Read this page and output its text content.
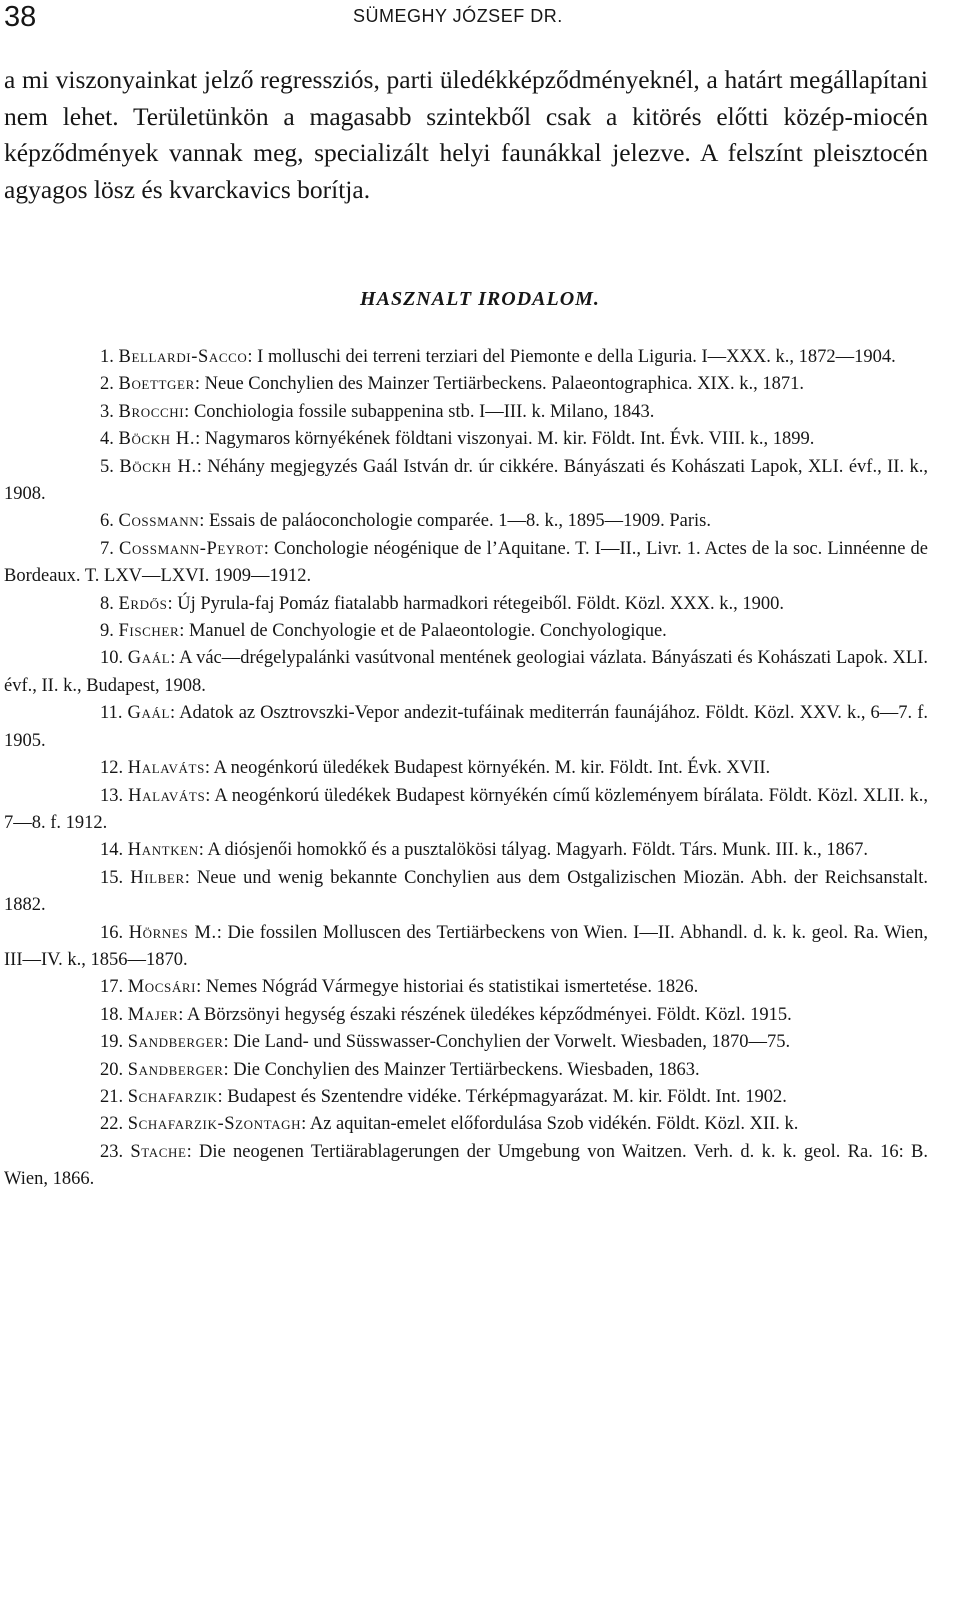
38	SÜMEGHY JÓZSEF DR.

a mi viszonyainkat jelző regressziós, parti üledékképződményeknél, a határt megállapítani nem lehet. Területünkön a magasabb szintekből csak a kitörés előtti közép-miocén képződmények vannak meg, specializált helyi faunákkal jelezve. A felszínt pleisztocén agyagos lösz és kvarckavics borítja.

HASZNALT IRODALOM.
1. Bellardi-Sacco: I molluschi dei terreni terziari del Piemonte e della Liguria. I—XXX. k., 1872—1904.
2. Boettger: Neue Conchylien des Mainzer Tertiärbeckens. Palaeontographica. XIX. k., 1871.
3. Brocchi: Conchiologia fossile subappenina stb. I—III. k. Milano, 1843.
4. Böckh H.: Nagymaros környékének földtani viszonyai. M. kir. Földt. Int. Évk. VIII. k., 1899.
5. Böckh H.: Néhány megjegyzés Gaál István dr. úr cikkére. Bányászati és Kohászati Lapok, XLI. évf., II. k., 1908.
6. Cossmann: Essais de paláoconchologie comparée. 1—8. k., 1895—1909. Paris.
7. Cossmann-Peyrot: Conchologie néogénique de l’Aquitane. T. I—II., Livr. 1. Actes de la soc. Linnéenne de Bordeaux. T. LXV—LXVI. 1909—1912.
8. Erdős: Új Pyrula-faj Pomáz fiatalabb harmadkori rétegeiből. Földt. Közl. XXX. k., 1900.
9. Fischer: Manuel de Conchyologie et de Palaeontologie. Conchyologique.
10. Gaál: A vác—drégelypalánki vasútvonal mentének geologiai vázlata. Bányászati és Kohászati Lapok. XLI. évf., II. k., Budapest, 1908.
11. Gaál: Adatok az Osztrovszki-Vepor andezit-tufáinak mediterrán faunájához. Földt. Közl. XXV. k., 6—7. f. 1905.
12. Halaváts: A neogénkorú üledékek Budapest környékén. M. kir. Földt. Int. Évk. XVII.
13. Halaváts: A neogénkorú üledékek Budapest környékén című közleményem bírálata. Földt. Közl. XLII. k., 7—8. f. 1912.
14. Hantken: A diósjenői homokkő és a pusztalökösi tályag. Magyarh. Földt. Társ. Munk. III. k., 1867.
15. Hilber: Neue und wenig bekannte Conchylien aus dem Ostgalizischen Miozän. Abh. der Reichsanstalt. 1882.
16. Hörnes M.: Die fossilen Molluscen des Tertiärbeckens von Wien. I—II. Abhandl. d. k. k. geol. Ra. Wien, III—IV. k., 1856—1870.
17. Mocsári: Nemes Nógrád Vármegye historiai és statistikai ismertetése. 1826.
18. Majer: A Börzsönyi hegység északi részének üledékes képződményei. Földt. Közl. 1915.
19. Sandberger: Die Land- und Süsswasser-Conchylien der Vorwelt. Wiesbaden, 1870—75.
20. Sandberger: Die Conchylien des Mainzer Tertiärbeckens. Wiesbaden, 1863.
21. Schafarzik: Budapest és Szentendre vidéke. Térképmagyarázat. M. kir. Földt. Int. 1902.
22. Schafarzik-Szontagh: Az aquitan-emelet előfordulása Szob vidékén. Földt. Közl. XII. k.
23. Stache: Die neogenen Tertiärablagerungen der Umgebung von Waitzen. Verh. d. k. k. geol. Ra. 16: B. Wien, 1866.
